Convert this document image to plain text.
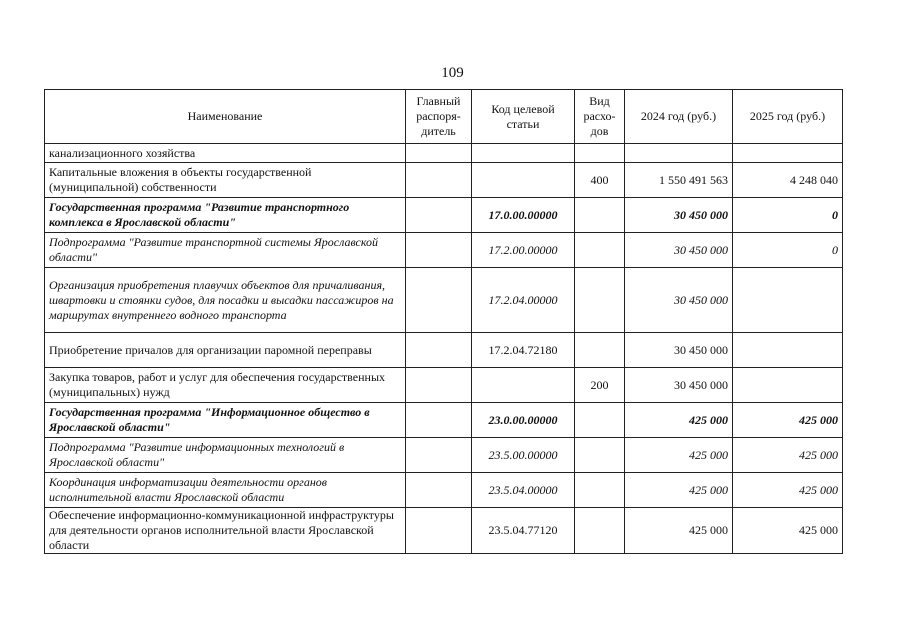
109
Наименование	Главный распоря-дитель	Код целевой статьи	Вид расхо-дов	2024 год (руб.)	2025 год (руб.)
канализационного хозяйства					
Капитальные вложения в объекты государственной (муниципальной) собственности			400	1 550 491 563	4 248 040
Государственная программа "Развитие транспортного комплекса в Ярославской области"		17.0.00.00000		30 450 000	0
Подпрограмма "Развитие транспортной системы Ярославской области"		17.2.00.00000		30 450 000	0
Организация приобретения плавучих объектов для причаливания, швартовки и стоянки судов, для посадки и высадки пассажиров на маршрутах внутреннего водного транспорта		17.2.04.00000		30 450 000	
Приобретение причалов для организации паромной переправы		17.2.04.72180		30 450 000	
Закупка товаров, работ и услуг для обеспечения государственных (муниципальных) нужд			200	30 450 000	
Государственная программа "Информационное общество в Ярославской области"		23.0.00.00000		425 000	425 000
Подпрограмма "Развитие информационных технологий в Ярославской области"		23.5.00.00000		425 000	425 000
Координация информатизации деятельности органов исполнительной власти Ярославской области		23.5.04.00000		425 000	425 000
Обеспечение информационно-коммуникационной инфраструктуры для деятельности органов исполнительной власти Ярославской области		23.5.04.77120		425 000	425 000
